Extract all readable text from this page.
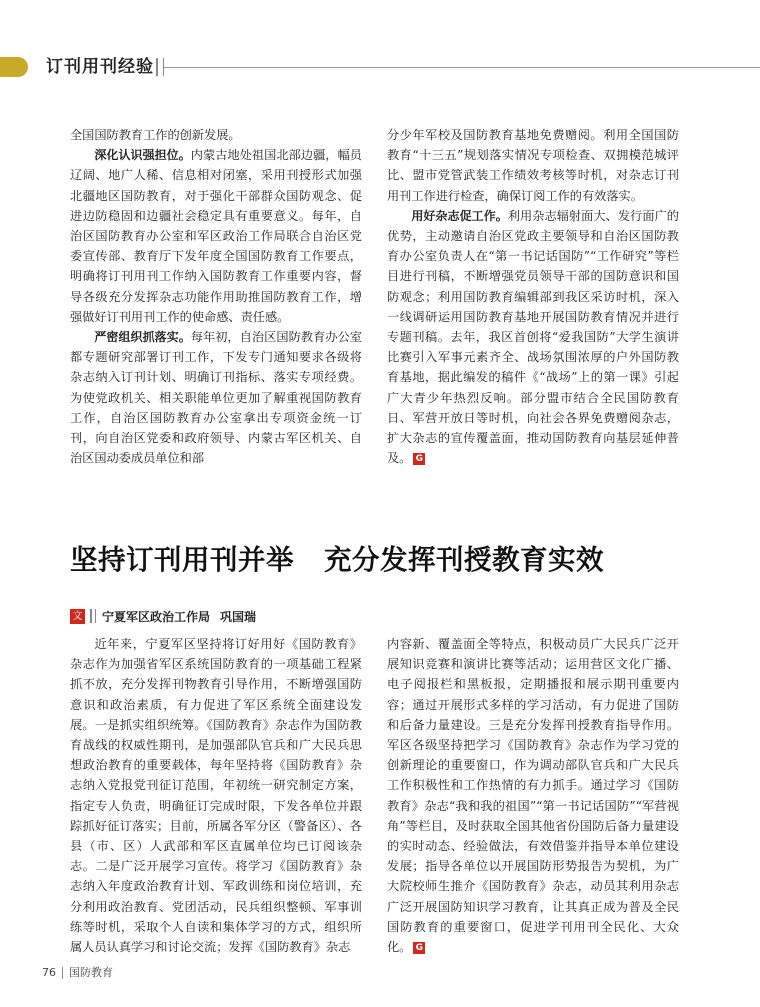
订刊用刊经验

全国国防教育工作的创新发展。

深化认识强担位。内蒙古地处祖国北部边疆，幅员辽阔、地广人稀、信息相对闭塞，采用刊授形式加强北疆地区国防教育，对于强化干部群众国防观念、促进边防稳固和边疆社会稳定具有重要意义。每年，自治区国防教育办公室和军区政治工作局联合自治区党委宣传部、教育厅下发年度全国国防教育工作要点，明确将订刊用刊工作纳入国防教育工作重要内容，督导各级充分发挥杂志功能作用助推国防教育工作，增强做好订刊用刊工作的使命感、责任感。

严密组织抓落实。每年初，自治区国防教育办公室都专题研究部署订刊工作，下发专门通知要求各级将杂志纳入订刊计划、明确订刊指标、落实专项经费。为使党政机关、相关职能单位更加了解重视国防教育工作，自治区国防教育办公室拿出专项资金统一订刊，向自治区党委和政府领导、内蒙古军区机关、自治区国动委成员单位和部

分少年军校及国防教育基地免费赠阅。利用全国国防教育“十三五”规划落实情况专项检查、双拥模范城评比、盟市党管武装工作绩效考核等时机，对杂志订刊用刊工作进行检查，确保订阅工作的有效落实。

用好杂志促工作。利用杂志辐射面大、发行面广的优势，主动邀请自治区党政主要领导和自治区国防教育办公室负责人在“第一书记话国防”“工作研究”等栏目进行刊稿，不断增强党员领导干部的国防意识和国防观念；利用国防教育编辑部到我区采访时机，深入一线调研运用国防教育基地开展国防教育情况并进行专题刊稿。去年，我区首创将“爱我国防”大学生演讲比赛引入军事元素齐全、战场氛围浓厚的户外国防教育基地，据此编发的稿件《“战场”上的第一课》引起广大青少年热烈反响。部分盟市结合全民国防教育日、军营开放日等时机，向社会各界免费赠阅杂志，扩大杂志的宣传覆盖面，推动国防教育向基层延伸普及。 G

坚持订刊用刊并举 充分发挥刊授教育实效
文 宁夏军区政治工作局 巩国瑞

近年来，宁夏军区坚持将订好用好《国防教育》杂志作为加强省军区系统国防教育的一项基础工程紧抓不放，充分发挥刊物教育引导作用，不断增强国防意识和政治素质，有力促进了军区系统全面建设发展。一是抓实组织统筹。《国防教育》杂志作为国防教育战线的权威性期刊，是加强部队官兵和广大民兵思想政治教育的重要载体，每年坚持将《国防教育》杂志纳入党报党刊征订范围，年初统一研究制定方案，指定专人负责，明确征订完成时限，下发各单位并跟踪抓好征订落实；目前，所属各军分区（警备区）、各县（市、区）人武部和军区直属单位均已订阅该杂志。二是广泛开展学习宣传。将学习《国防教育》杂志纳入年度政治教育计划、军政训练和岗位培训，充分利用政治教育、党团活动，民兵组织整顿、军事训练等时机，采取个人自读和集体学习的方式，组织所属人员认真学习和讨论交流；发挥《国防教育》杂志

内容新、覆盖面全等特点，积极动员广大民兵广泛开展知识竞赛和演讲比赛等活动；运用营区文化广播、电子阅报栏和黑板报，定期播报和展示期刊重要内容；通过开展形式多样的学习活动，有力促进了国防和后备力量建设。三是充分发挥刊授教育指导作用。军区各级坚持把学习《国防教育》杂志作为学习党的创新理论的重要窗口，作为调动部队官兵和广大民兵工作积极性和工作热情的有力抓手。通过学习《国防教育》杂志“我和我的祖国”“第一书记话国防”“军营视角”等栏目，及时获取全国其他省份国防后备力量建设的实时动态、经验做法，有效借鉴并指导本单位建设发展；指导各单位以开展国防形势报告为契机，为广大院校师生推介《国防教育》杂志，动员其利用杂志广泛开展国防知识学习教育，让其真正成为普及全民国防教育的重要窗口，促进学刊用刊全民化、大众化。 G

76 国防教育
